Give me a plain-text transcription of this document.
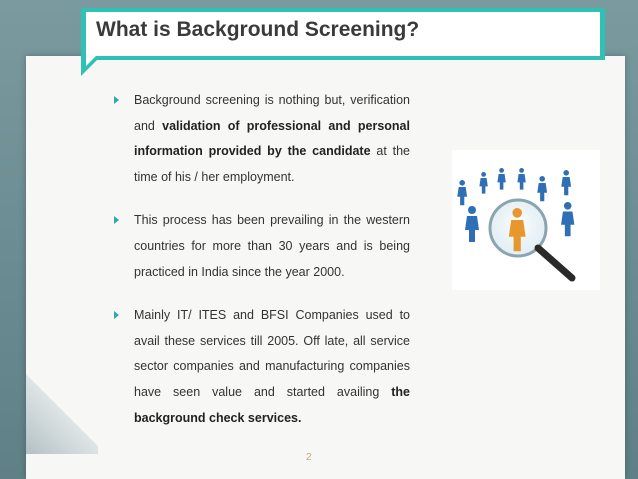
What is Background Screening?
Background screening is nothing but, verification and validation of professional and personal information provided by the candidate at the time of his / her employment.
This process has been prevailing in the western countries for more than 30 years and is being practiced in India since the year 2000.
Mainly IT/ ITES and BFSI Companies used to avail these services till 2005. Off late, all service sector companies and manufacturing companies have seen value and started availing the background check services.
2
